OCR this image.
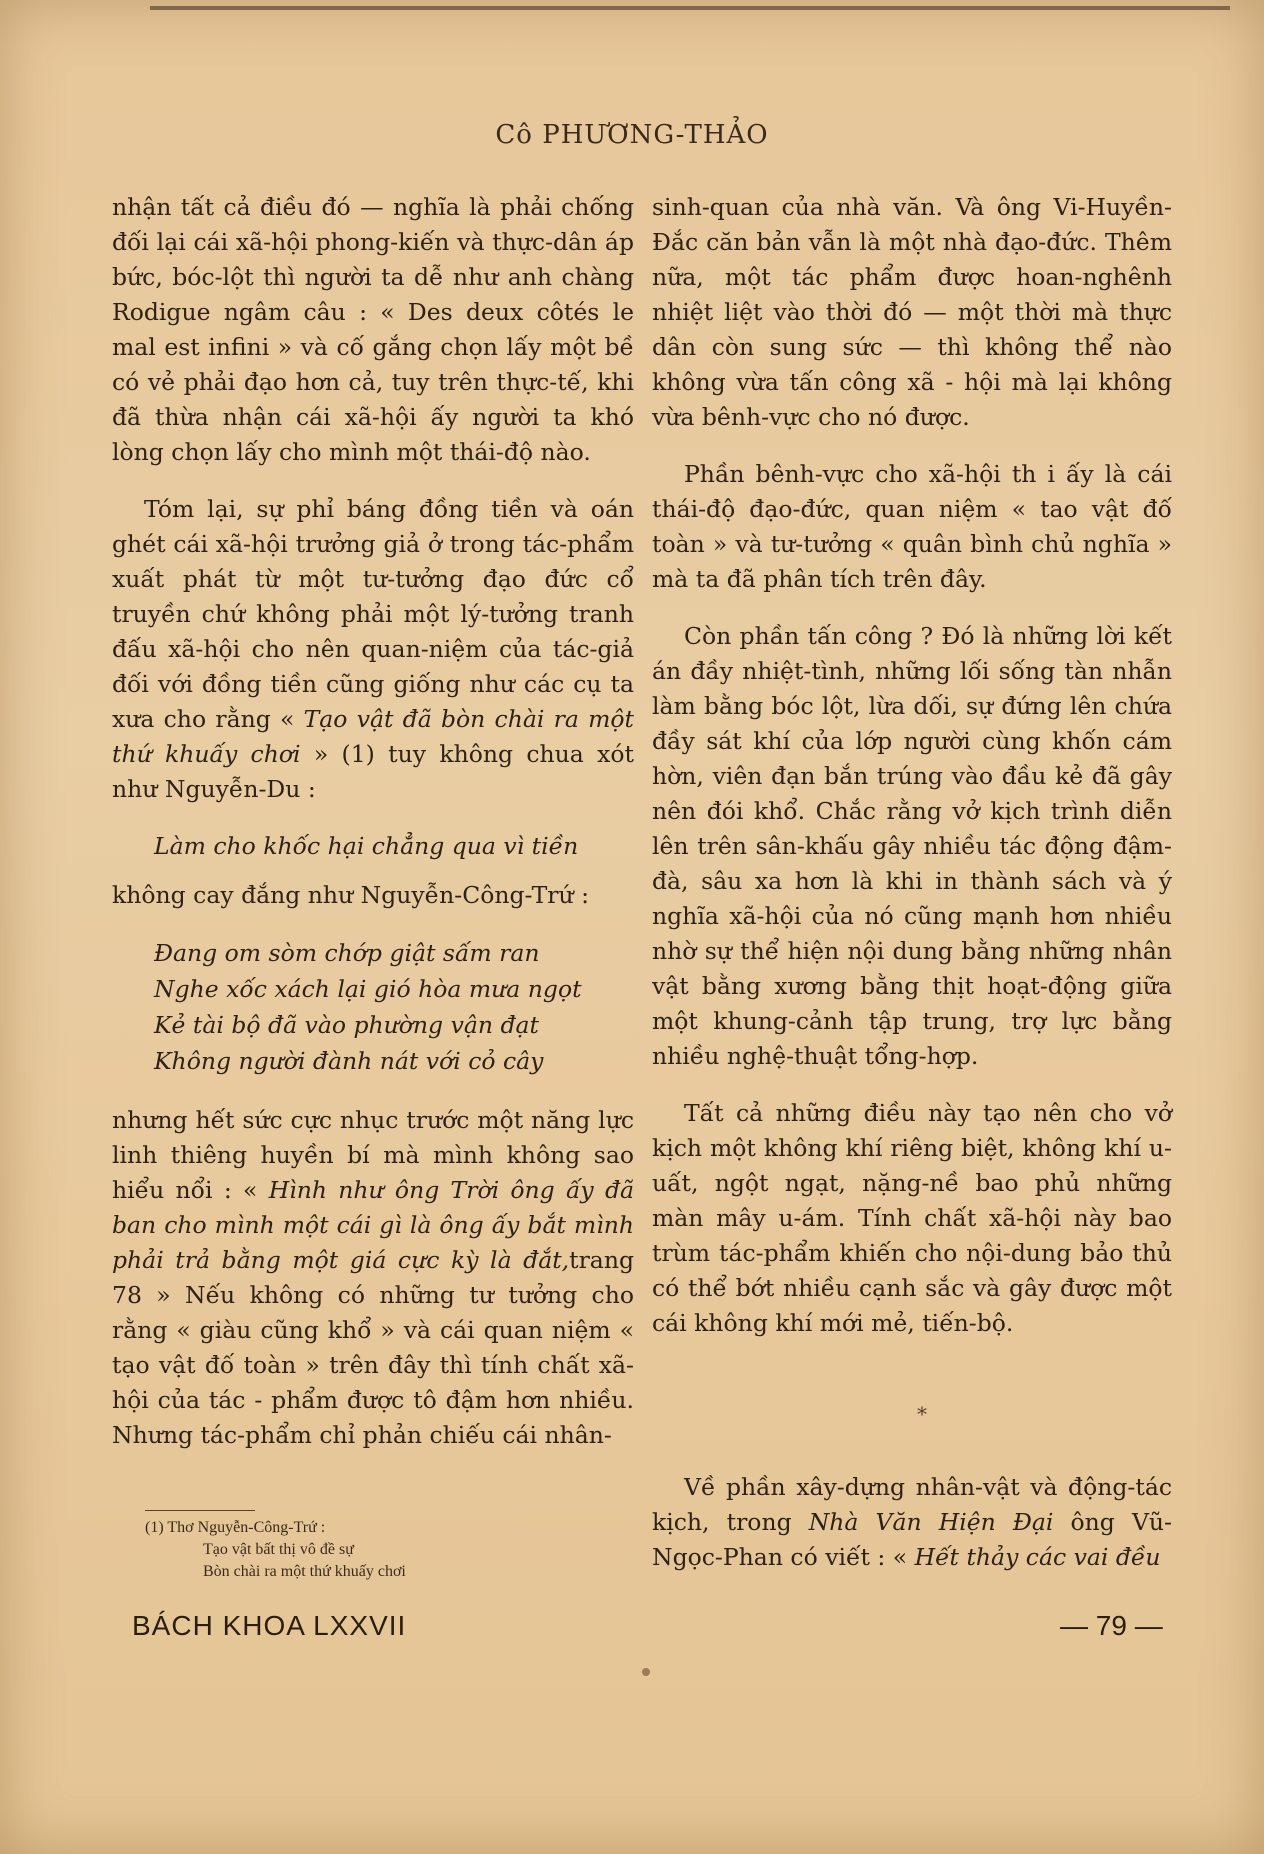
Cô PHƯƠNG-THẢO

nhận tất cả điều đó — nghĩa là phải chống đối lại cái xã-hội phong-kiến và thực-dân áp bức, bóc-lột thì người ta dễ như anh chàng Rodigue ngâm câu : « Des deux côtés le mal est infini » và cố gắng chọn lấy một bề có vẻ phải đạo hơn cả, tuy trên thực-tế, khi đã thừa nhận cái xã-hội ấy người ta khó lòng chọn lấy cho mình một thái-độ nào.

Tóm lại, sự phỉ báng đồng tiền và oán ghét cái xã-hội trưởng giả ở trong tác-phẩm xuất phát từ một tư-tưởng đạo đức cổ truyền chứ không phải một lý-tưởng tranh đấu xã-hội cho nên quan-niệm của tác-giả đối với đồng tiền cũng giống như các cụ ta xưa cho rằng « Tạo vật đã bòn chài ra một thứ khuấy chơi » (1) tuy không chua xót như Nguyễn-Du :

Làm cho khốc hại chẳng qua vì tiền

không cay đắng như Nguyễn-Công-Trứ :

Đang om sòm chớp giật sấm ran
Nghe xốc xách lại gió hòa mưa ngọt
Kẻ tài bộ đã vào phường vận đạt
Không người đành nát với cỏ cây

nhưng hết sức cực nhục trước một năng lực linh thiêng huyền bí mà mình không sao hiểu nổi : « Hình như ông Trời ông ấy đã ban cho mình một cái gì là ông ấy bắt mình phải trả bằng một giá cực kỳ là đắt,trang 78 » Nếu không có những tư tưởng cho rằng « giàu cũng khổ » và cái quan niệm « tạo vật đố toàn » trên đây thì tính chất xã-hội của tác - phẩm được tô đậm hơn nhiều. Nhưng tác-phẩm chỉ phản chiếu cái nhân-

sinh-quan của nhà văn. Và ông Vi-Huyền-Đắc căn bản vẫn là một nhà đạo-đức. Thêm nữa, một tác phẩm được hoan-nghênh nhiệt liệt vào thời đó — một thời mà thực dân còn sung sức — thì không thể nào không vừa tấn công xã - hội mà lại không vừa bênh-vực cho nó được.

Phần bênh-vực cho xã-hội th i ấy là cái thái-độ đạo-đức, quan niệm « tao vật đố toàn » và tư-tưởng « quân bình chủ nghĩa » mà ta đã phân tích trên đây.

Còn phần tấn công ? Đó là những lời kết án đầy nhiệt-tình, những lối sống tàn nhẫn làm bằng bóc lột, lừa dối, sự đứng lên chứa đầy sát khí của lớp người cùng khốn cám hờn, viên đạn bắn trúng vào đầu kẻ đã gây nên đói khổ. Chắc rằng vở kịch trình diễn lên trên sân-khấu gây nhiều tác động đậm-đà, sâu xa hơn là khi in thành sách và ý nghĩa xã-hội của nó cũng mạnh hơn nhiều nhờ sự thể hiện nội dung bằng những nhân vật bằng xương bằng thịt hoạt-động giữa một khung-cảnh tập trung, trợ lực bằng nhiều nghệ-thuật tổng-hợp.

Tất cả những điều này tạo nên cho vở kịch một không khí riêng biệt, không khí u-uất, ngột ngạt, nặng-nề bao phủ những màn mây u-ám. Tính chất xã-hội này bao trùm tác-phẩm khiến cho nội-dung bảo thủ có thể bớt nhiều cạnh sắc và gây được một cái không khí mới mẻ, tiến-bộ.

*

Về phần xây-dựng nhân-vật và động-tác kịch, trong Nhà Văn Hiện Đại ông Vũ-Ngọc-Phan có viết : « Hết thảy các vai đều

(1) Thơ Nguyễn-Công-Trứ :
Tạo vật bất thị vô đề sự
Bòn chài ra một thứ khuấy chơi
BÁCH KHOA LXXVII	— 79 —
